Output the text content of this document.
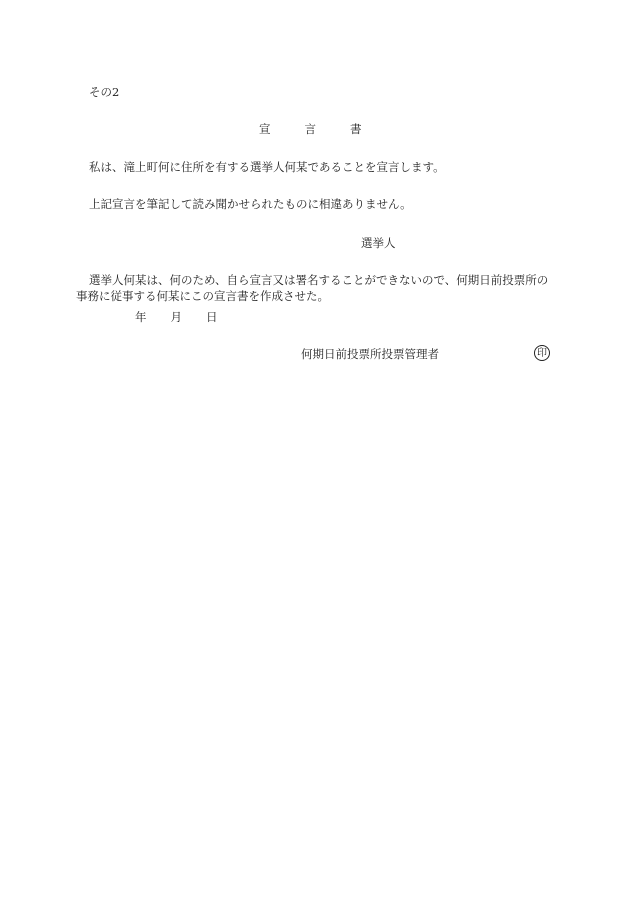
その2
宣	言	書
私は、滝上町何に住所を有する選挙人何某であることを宣言します。
上記宣言を筆記して読み聞かせられたものに相違ありません。
選挙人
選挙人何某は、何のため、自ら宣言又は署名することができないので、何期日前投票所の事務に従事する何某にこの宣言書を作成させた。
年 月 日
何期日前投票所投票管理者	印
